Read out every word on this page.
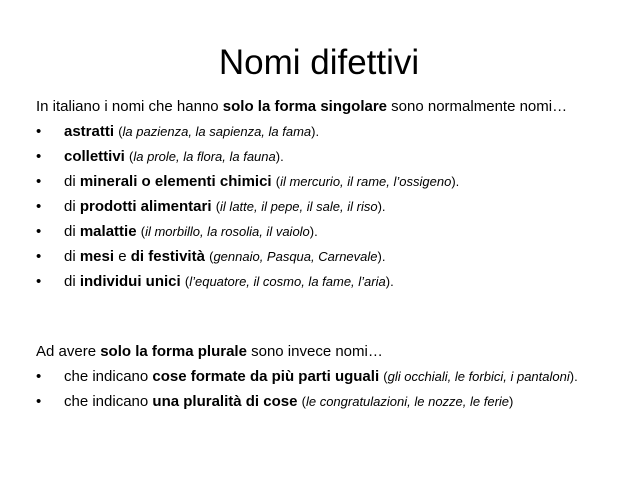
Nomi difettivi

In italiano i nomi che hanno solo la forma singolare sono normalmente nomi…

• astratti (la pazienza, la sapienza, la fama).
• collettivi (la prole, la flora, la fauna).
• di minerali o elementi chimici (il mercurio, il rame, l’ossigeno).
• di prodotti alimentari (il latte, il pepe, il sale, il riso).
• di malattie (il morbillo, la rosolia, il vaiolo).
• di mesi e di festività (gennaio, Pasqua, Carnevale).
• di individui unici (l’equatore, il cosmo, la fame, l’aria).

Ad avere solo la forma plurale sono invece nomi…

• che indicano cose formate da più parti uguali (gli occhiali, le forbici, i pantaloni).
• che indicano una pluralità di cose (le congratulazioni, le nozze, le ferie)
